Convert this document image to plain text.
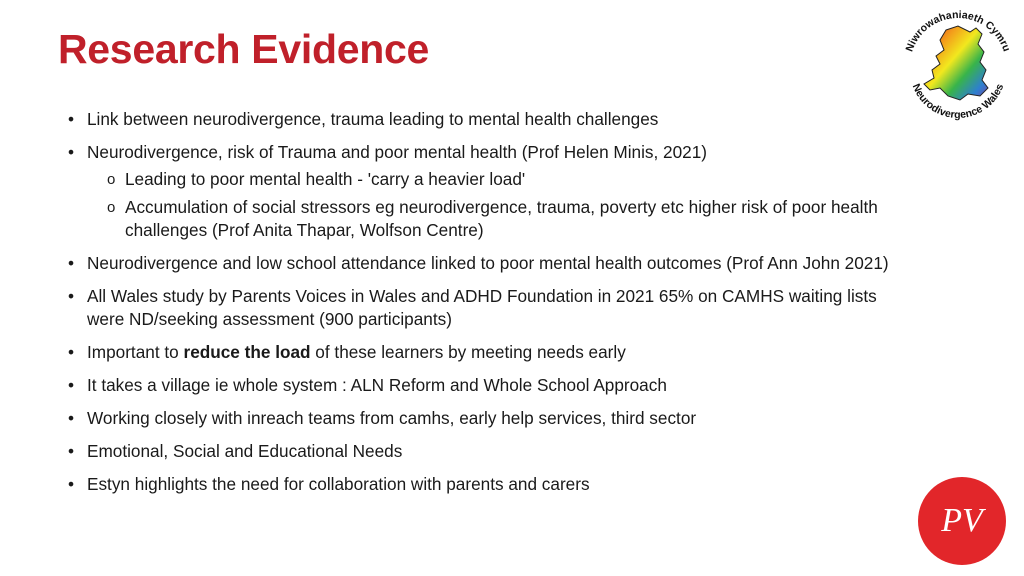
Research Evidence
• Link between neurodivergence, trauma leading to mental health challenges
• Neurodivergence, risk of Trauma and poor mental health (Prof Helen Minis, 2021)
o Leading to poor mental health - 'carry a heavier load'
o Accumulation of social stressors eg neurodivergence, trauma, poverty etc higher risk of poor health challenges (Prof Anita Thapar, Wolfson Centre)
• Neurodivergence and low school attendance linked to poor mental health outcomes (Prof Ann John 2021)
• All Wales study by Parents Voices in Wales and ADHD Foundation in 2021 65% on CAMHS waiting lists were ND/seeking assessment (900 participants)
• Important to reduce the load of these learners by meeting needs early
• It takes a village ie whole system : ALN Reform and Whole School Approach
• Working closely with inreach teams from camhs, early help services, third sector
• Emotional, Social and Educational Needs
• Estyn highlights the need for collaboration with parents and carers
Niwrowahaniaeth Cymru
Neurodivergence Wales
PV
